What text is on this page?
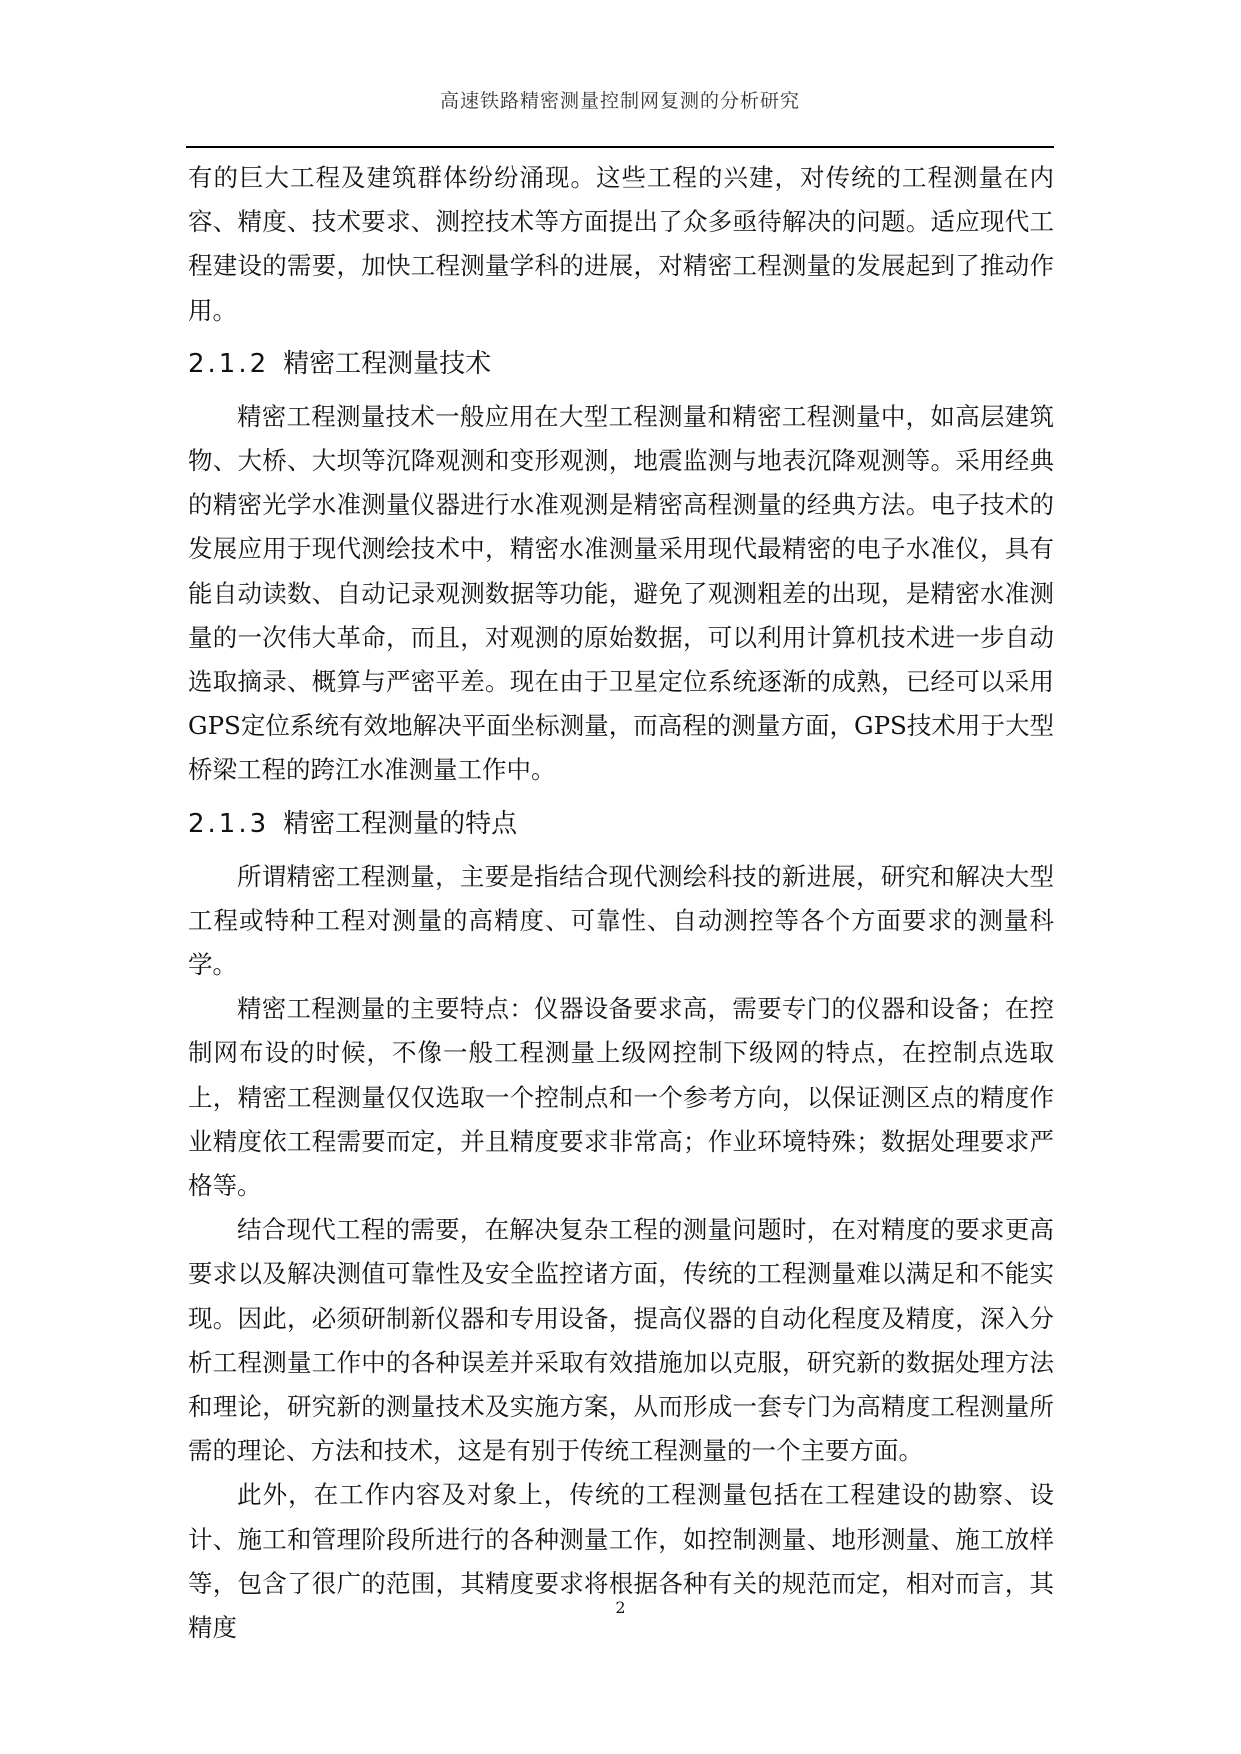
高速铁路精密测量控制网复测的分析研究

有的巨大工程及建筑群体纷纷涌现。这些工程的兴建，对传统的工程测量在内容、精度、技术要求、测控技术等方面提出了众多亟待解决的问题。适应现代工程建设的需要，加快工程测量学科的进展，对精密工程测量的发展起到了推动作用。

2.1.2 精密工程测量技术

精密工程测量技术一般应用在大型工程测量和精密工程测量中，如高层建筑物、大桥、大坝等沉降观测和变形观测，地震监测与地表沉降观测等。采用经典的精密光学水准测量仪器进行水准观测是精密高程测量的经典方法。电子技术的发展应用于现代测绘技术中，精密水准测量采用现代最精密的电子水准仪，具有能自动读数、自动记录观测数据等功能，避免了观测粗差的出现，是精密水准测量的一次伟大革命，而且，对观测的原始数据，可以利用计算机技术进一步自动选取摘录、概算与严密平差。现在由于卫星定位系统逐渐的成熟，已经可以采用GPS定位系统有效地解决平面坐标测量，而高程的测量方面，GPS技术用于大型桥梁工程的跨江水准测量工作中。

2.1.3 精密工程测量的特点

所谓精密工程测量，主要是指结合现代测绘科技的新进展，研究和解决大型工程或特种工程对测量的高精度、可靠性、自动测控等各个方面要求的测量科学。

精密工程测量的主要特点：仪器设备要求高，需要专门的仪器和设备；在控制网布设的时候，不像一般工程测量上级网控制下级网的特点，在控制点选取上，精密工程测量仅仅选取一个控制点和一个参考方向，以保证测区点的精度作业精度依工程需要而定，并且精度要求非常高；作业环境特殊；数据处理要求严格等。

结合现代工程的需要，在解决复杂工程的测量问题时，在对精度的要求更高要求以及解决测值可靠性及安全监控诸方面，传统的工程测量难以满足和不能实现。因此，必须研制新仪器和专用设备，提高仪器的自动化程度及精度，深入分析工程测量工作中的各种误差并采取有效措施加以克服，研究新的数据处理方法和理论，研究新的测量技术及实施方案，从而形成一套专门为高精度工程测量所需的理论、方法和技术，这是有别于传统工程测量的一个主要方面。

此外，在工作内容及对象上，传统的工程测量包括在工程建设的勘察、设计、施工和管理阶段所进行的各种测量工作，如控制测量、地形测量、施工放样等，包含了很广的范围，其精度要求将根据各种有关的规范而定，相对而言，其精度

2
